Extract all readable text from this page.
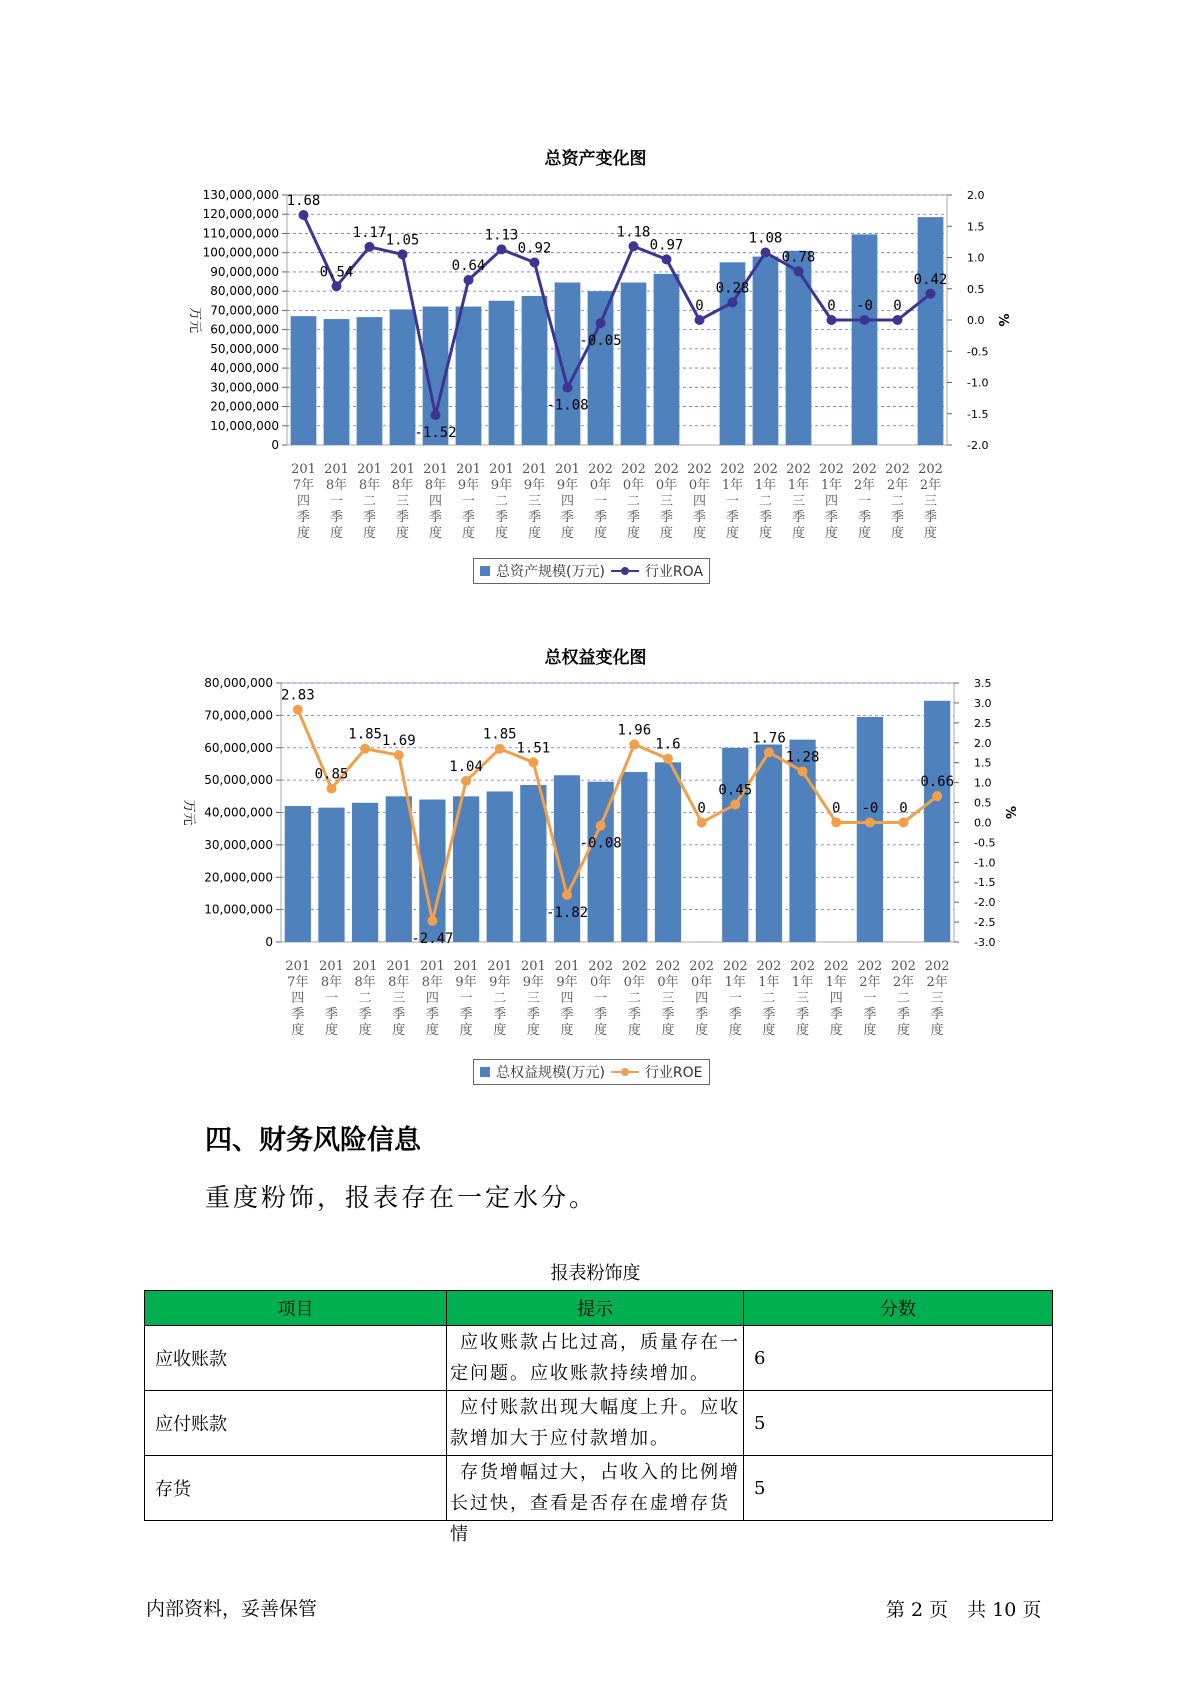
总资产变化图
0
10,000,000
20,000,000
30,000,000
40,000,000
50,000,000
60,000,000
70,000,000
80,000,000
90,000,000
100,000,000
110,000,000
120,000,000
130,000,000
-2.0
-1.5
-1.0
-0.5
0.0
0.5
1.0
1.5
2.0
万元	%
201
7年
四
季
度
201
8年
一
季
度
201
8年
二
季
度
201
8年
三
季
度
201
8年
四
季
度
201
9年
一
季
度
201
9年
二
季
度
201
9年
三
季
度
201
9年
四
季
度
202
0年
一
季
度
202
0年
二
季
度
202
0年
三
季
度
202
0年
四
季
度
202
1年
一
季
度
202
1年
二
季
度
202
1年
三
季
度
202
1年
四
季
度
202
2年
一
季
度
202
2年
二
季
度
202
2年
三
季
度
1.68
0.54
1.17 1.05
-1.52
0.64
1.13
0.92
-1.08
-0.05
1.18
0.97
0
0.28
1.08
0.78
0 -0 0
0.42
总资产规模(万元)	行业ROA
总权益变化图
0
10,000,000
20,000,000
30,000,000
40,000,000
50,000,000
60,000,000
70,000,000
80,000,000
-3.0
-2.5
-2.0
-1.5
-1.0
-0.5
0.0
0.5
1.0
1.5
2.0
2.5
3.0
3.5
万元	%
201
7年
四
季
度
201
8年
一
季
度
201
8年
二
季
度
201
8年
三
季
度
201
8年
四
季
度
201
9年
一
季
度
201
9年
二
季
度
201
9年
三
季
度
201
9年
四
季
度
202
0年
一
季
度
202
0年
二
季
度
202
0年
三
季
度
202
0年
四
季
度
202
1年
一
季
度
202
1年
二
季
度
202
1年
三
季
度
202
1年
四
季
度
202
2年
一
季
度
202
2年
二
季
度
202
2年
三
季
度
2.83
0.85
1.85 1.69
-2.47
1.04
1.85
1.51
-1.82
-0.08
1.96
1.6
0
0.45
1.76
1.28
0 -0 0
0.66
总权益规模(万元)	行业ROE
四、财务风险信息
重度粉饰，报表存在一定水分。
报表粉饰度
项目	提示	分数
应收账款	应收账款占比过高，质量存在一定问题。应收账款持续增加。	6
应付账款	应付账款出现大幅度上升。应收款增加大于应付款增加。	5
存货	存货增幅过大，占收入的比例增长过快，查看是否存在虚增存货情	5
内部资料，妥善保管	第 2 页　共 10 页
